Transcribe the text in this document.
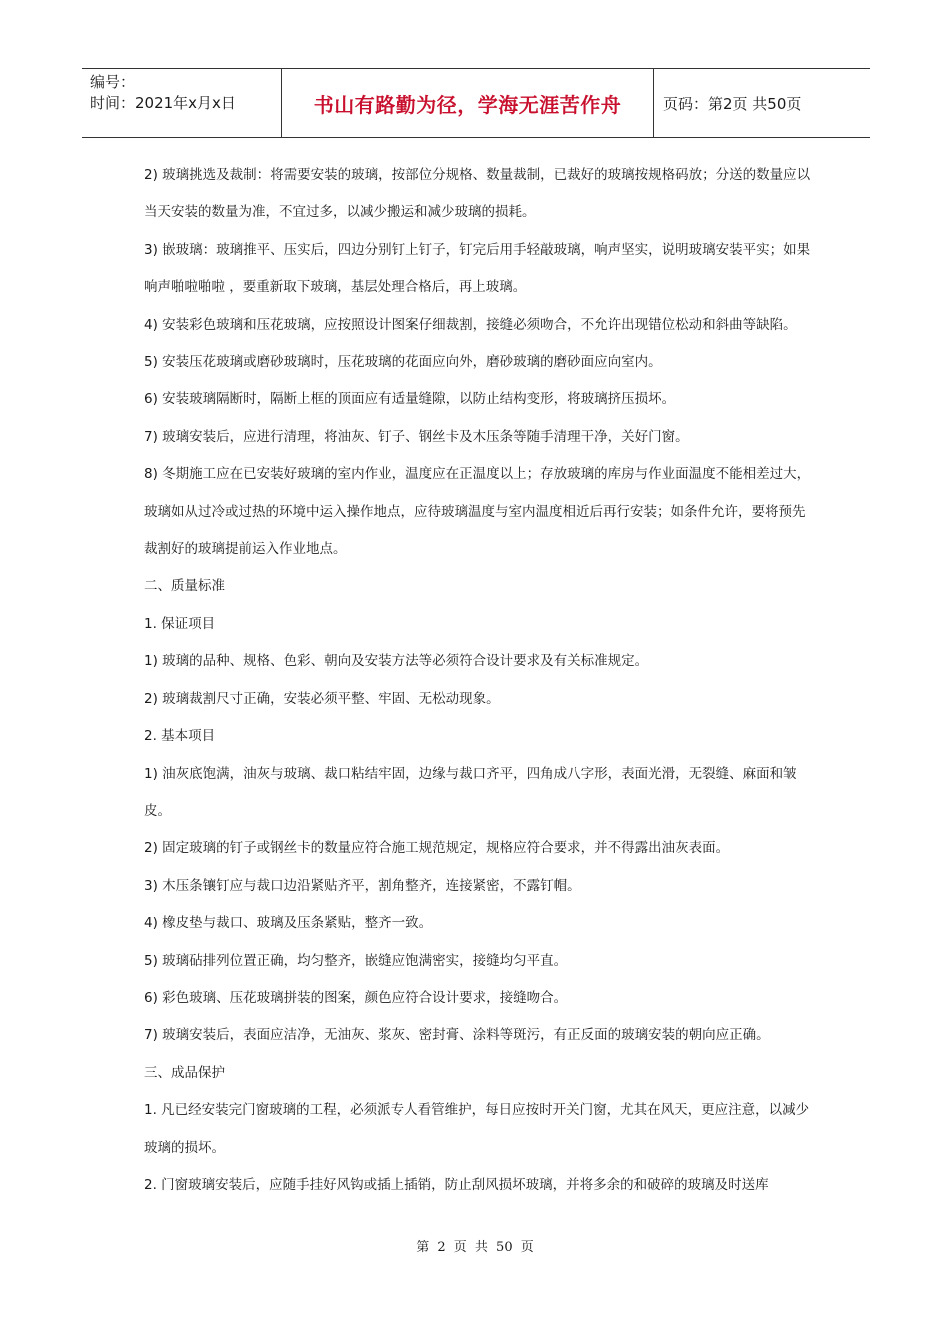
编号：
时间：2021年x月x日	书山有路勤为径，学海无涯苦作舟	页码：第2页 共50页

2) 玻璃挑选及裁制：将需要安装的玻璃，按部位分规格、数量裁制，已裁好的玻璃按规格码放；分送的数量应以当天安装的数量为准，不宜过多，以减少搬运和减少玻璃的损耗。

3) 嵌玻璃：玻璃推平、压实后，四边分别钉上钉子，钉完后用手轻敲玻璃，响声坚实，说明玻璃安装平实；如果响声啪啦啪啦 ，要重新取下玻璃，基层处理合格后，再上玻璃。

4) 安装彩色玻璃和压花玻璃，应按照设计图案仔细裁割，接缝必须吻合，不允许出现错位松动和斜曲等缺陷。

5) 安装压花玻璃或磨砂玻璃时，压花玻璃的花面应向外，磨砂玻璃的磨砂面应向室内。

6) 安装玻璃隔断时，隔断上框的顶面应有适量缝隙，以防止结构变形，将玻璃挤压损坏。

7) 玻璃安装后，应进行清理，将油灰、钉子、钢丝卡及木压条等随手清理干净，关好门窗。

8) 冬期施工应在已安装好玻璃的室内作业，温度应在正温度以上；存放玻璃的库房与作业面温度不能相差过大，玻璃如从过冷或过热的环境中运入操作地点，应待玻璃温度与室内温度相近后再行安装；如条件允许，要将预先裁割好的玻璃提前运入作业地点。

二、质量标准

1. 保证项目

1) 玻璃的品种、规格、色彩、朝向及安装方法等必须符合设计要求及有关标准规定。

2) 玻璃裁割尺寸正确，安装必须平整、牢固、无松动现象。

2. 基本项目

1) 油灰底饱满，油灰与玻璃、裁口粘结牢固，边缘与裁口齐平，四角成八字形，表面光滑，无裂缝、麻面和皱皮。

2) 固定玻璃的钉子或钢丝卡的数量应符合施工规范规定，规格应符合要求，并不得露出油灰表面。

3) 木压条镶钉应与裁口边沿紧贴齐平，割角整齐，连接紧密，不露钉帽。

4) 橡皮垫与裁口、玻璃及压条紧贴，整齐一致。

5) 玻璃砧排列位置正确，均匀整齐，嵌缝应饱满密实，接缝均匀平直。

6) 彩色玻璃、压花玻璃拼装的图案，颜色应符合设计要求，接缝吻合。

7) 玻璃安装后，表面应洁净，无油灰、浆灰、密封膏、涂料等斑污，有正反面的玻璃安装的朝向应正确。

三、成品保护

1. 凡已经安装完门窗玻璃的工程，必须派专人看管维护，每日应按时开关门窗，尤其在风天，更应注意，以减少玻璃的损坏。

2. 门窗玻璃安装后，应随手挂好风钩或插上插销，防止刮风损坏玻璃，并将多余的和破碎的玻璃及时送库

第 2 页 共 50 页
